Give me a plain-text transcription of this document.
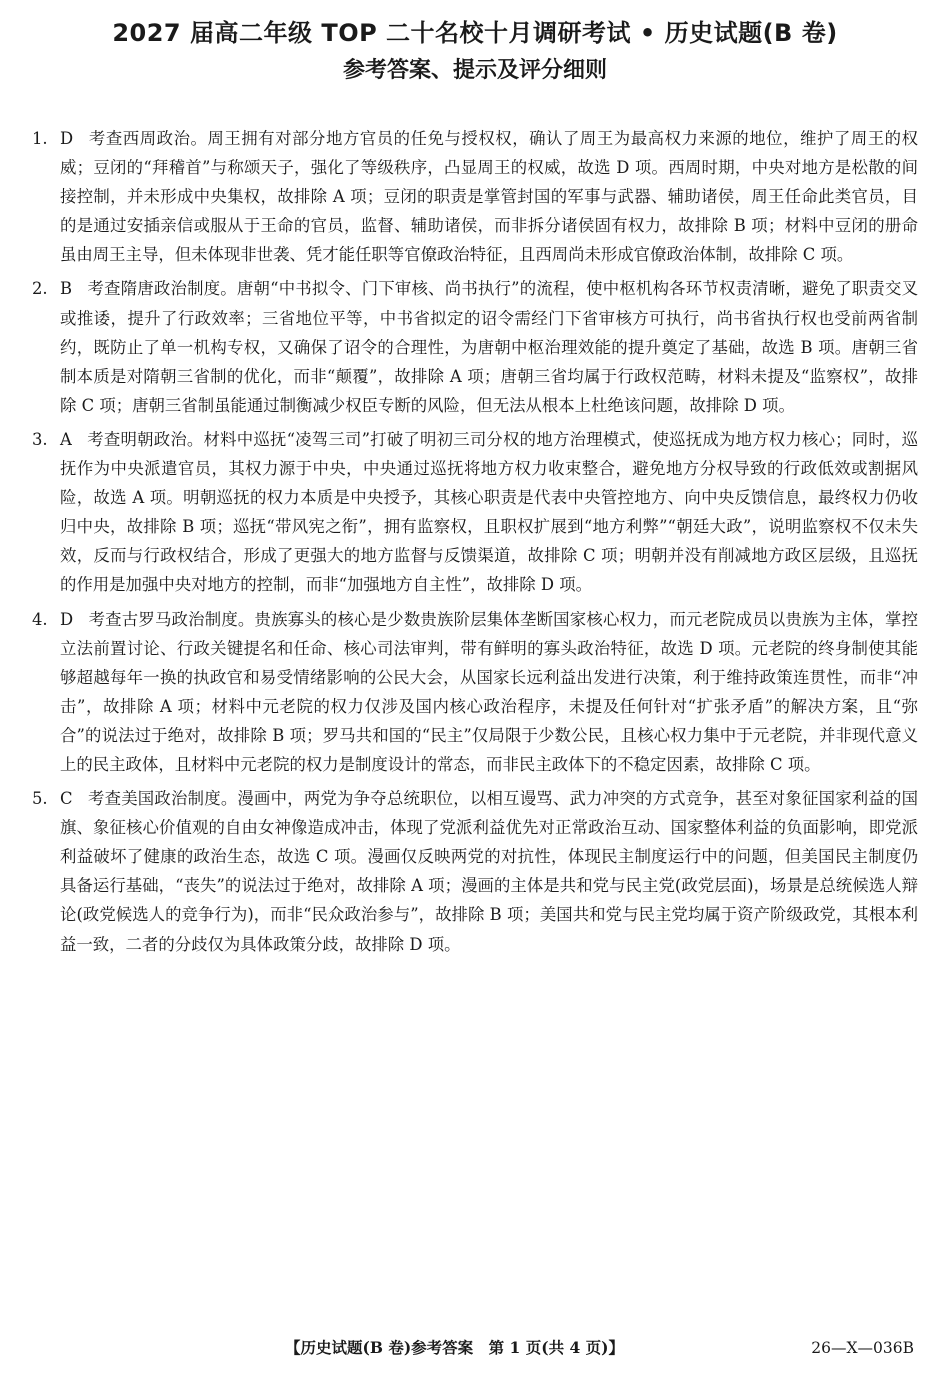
2027 届高二年级 TOP 二十名校十月调研考试 • 历史试题(B 卷)
参考答案、提示及评分细则

1. D 考查西周政治。周王拥有对部分地方官员的任免与授权权，确认了周王为最高权力来源的地位，维护了周王的权威；豆闭的“拜稽首”与称颂天子，强化了等级秩序，凸显周王的权威，故选 D 项。西周时期，中央对地方是松散的间接控制，并未形成中央集权，故排除 A 项；豆闭的职责是掌管封国的军事与武器、辅助诸侯，周王任命此类官员，目的是通过安插亲信或服从于王命的官员，监督、辅助诸侯，而非拆分诸侯固有权力，故排除 B 项；材料中豆闭的册命虽由周王主导，但未体现非世袭、凭才能任职等官僚政治特征，且西周尚未形成官僚政治体制，故排除 C 项。

2. B 考查隋唐政治制度。唐朝“中书拟令、门下审核、尚书执行”的流程，使中枢机构各环节权责清晰，避免了职责交叉或推诿，提升了行政效率；三省地位平等，中书省拟定的诏令需经门下省审核方可执行，尚书省执行权也受前两省制约，既防止了单一机构专权，又确保了诏令的合理性，为唐朝中枢治理效能的提升奠定了基础，故选 B 项。唐朝三省制本质是对隋朝三省制的优化，而非“颠覆”，故排除 A 项；唐朝三省均属于行政权范畴，材料未提及“监察权”，故排除 C 项；唐朝三省制虽能通过制衡减少权臣专断的风险，但无法从根本上杜绝该问题，故排除 D 项。

3. A 考查明朝政治。材料中巡抚“凌驾三司”打破了明初三司分权的地方治理模式，使巡抚成为地方权力核心；同时，巡抚作为中央派遣官员，其权力源于中央，中央通过巡抚将地方权力收束整合，避免地方分权导致的行政低效或割据风险，故选 A 项。明朝巡抚的权力本质是中央授予，其核心职责是代表中央管控地方、向中央反馈信息，最终权力仍收归中央，故排除 B 项；巡抚“带风宪之衔”，拥有监察权，且职权扩展到“地方利弊”“朝廷大政”，说明监察权不仅未失效，反而与行政权结合，形成了更强大的地方监督与反馈渠道，故排除 C 项；明朝并没有削减地方政区层级，且巡抚的作用是加强中央对地方的控制，而非“加强地方自主性”，故排除 D 项。

4. D 考查古罗马政治制度。贵族寡头的核心是少数贵族阶层集体垄断国家核心权力，而元老院成员以贵族为主体，掌控立法前置讨论、行政关键提名和任命、核心司法审判，带有鲜明的寡头政治特征，故选 D 项。元老院的终身制使其能够超越每年一换的执政官和易受情绪影响的公民大会，从国家长远利益出发进行决策，利于维持政策连贯性，而非“冲击”，故排除 A 项；材料中元老院的权力仅涉及国内核心政治程序，未提及任何针对“扩张矛盾”的解决方案，且“弥合”的说法过于绝对，故排除 B 项；罗马共和国的“民主”仅局限于少数公民，且核心权力集中于元老院，并非现代意义上的民主政体，且材料中元老院的权力是制度设计的常态，而非民主政体下的不稳定因素，故排除 C 项。

5. C 考查美国政治制度。漫画中，两党为争夺总统职位，以相互谩骂、武力冲突的方式竞争，甚至对象征国家利益的国旗、象征核心价值观的自由女神像造成冲击，体现了党派利益优先对正常政治互动、国家整体利益的负面影响，即党派利益破坏了健康的政治生态，故选 C 项。漫画仅反映两党的对抗性，体现民主制度运行中的问题，但美国民主制度仍具备运行基础，“丧失”的说法过于绝对，故排除 A 项；漫画的主体是共和党与民主党(政党层面)，场景是总统候选人辩论(政党候选人的竞争行为)，而非“民众政治参与”，故排除 B 项；美国共和党与民主党均属于资产阶级政党，其根本利益一致，二者的分歧仅为具体政策分歧，故排除 D 项。

【历史试题(B 卷)参考答案　第 1 页(共 4 页)】	26—X—036B
